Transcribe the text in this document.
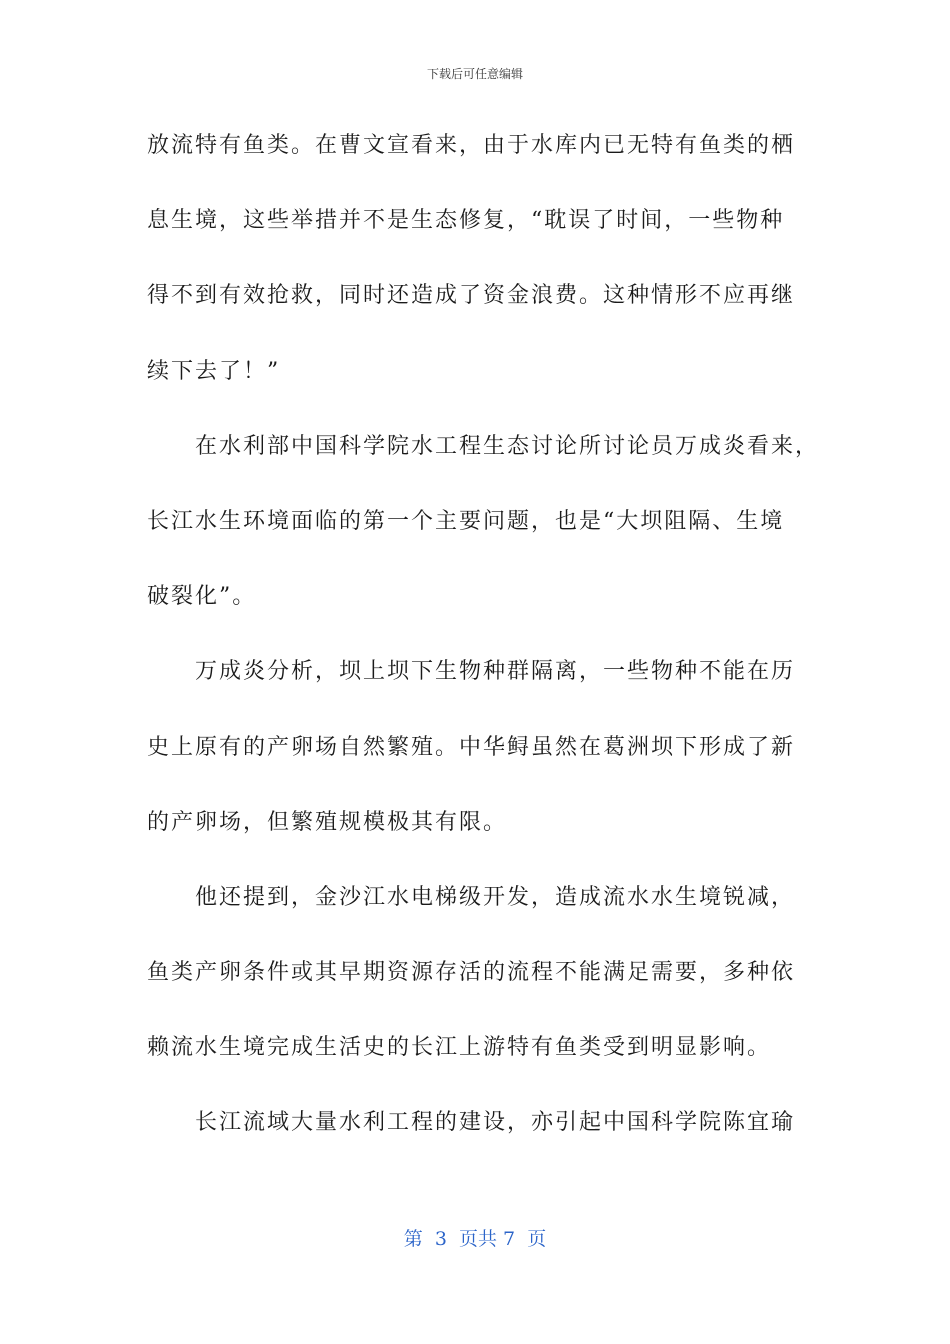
下载后可任意编辑

放流特有鱼类。在曹文宣看来，由于水库内已无特有鱼类的栖

息生境，这些举措并不是生态修复，“耽误了时间，一些物种

得不到有效抢救，同时还造成了资金浪费。这种情形不应再继

续下去了！”

在水利部中国科学院水工程生态讨论所讨论员万成炎看来，

长江水生环境面临的第一个主要问题，也是“大坝阻隔、生境

破裂化”。

万成炎分析，坝上坝下生物种群隔离，一些物种不能在历

史上原有的产卵场自然繁殖。中华鲟虽然在葛洲坝下形成了新

的产卵场，但繁殖规模极其有限。

他还提到，金沙江水电梯级开发，造成流水水生境锐减，

鱼类产卵条件或其早期资源存活的流程不能满足需要，多种依

赖流水生境完成生活史的长江上游特有鱼类受到明显影响。

长江流域大量水利工程的建设，亦引起中国科学院陈宜瑜

第  3  页共 7  页
